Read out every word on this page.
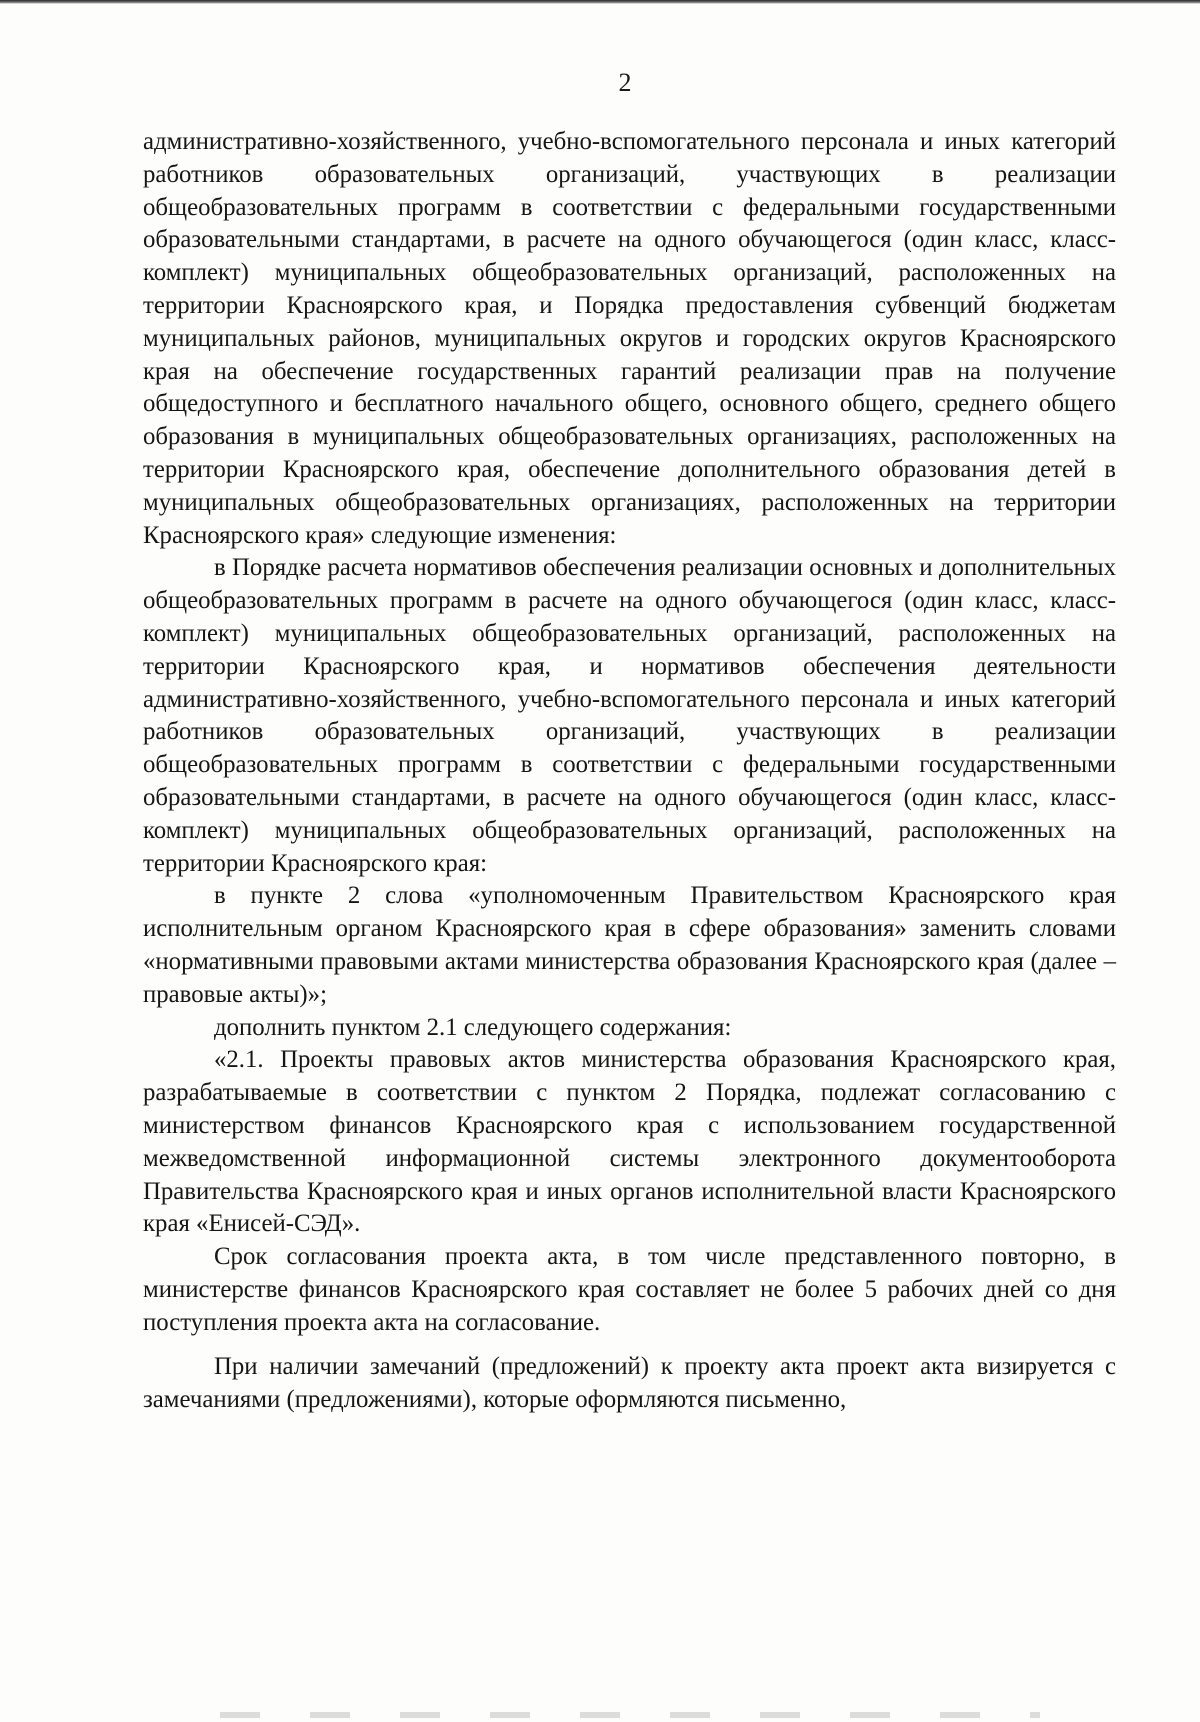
2

административно-хозяйственного, учебно-вспомогательного персонала и иных категорий работников образовательных организаций, участвующих в реализации общеобразовательных программ в соответствии с федеральными государственными образовательными стандартами, в расчете на одного обучающегося (один класс, класс-комплект) муниципальных общеобразовательных организаций, расположенных на территории Красноярского края, и Порядка предоставления субвенций бюджетам муниципальных районов, муниципальных округов и городских округов Красноярского края на обеспечение государственных гарантий реализации прав на получение общедоступного и бесплатного начального общего, основного общего, среднего общего образования в муниципальных общеобразовательных организациях, расположенных на территории Красноярского края, обеспечение дополнительного образования детей в муниципальных общеобразовательных организациях, расположенных на территории Красноярского края» следующие изменения:

в Порядке расчета нормативов обеспечения реализации основных и дополнительных общеобразовательных программ в расчете на одного обучающегося (один класс, класс-комплект) муниципальных общеобразовательных организаций, расположенных на территории Красноярского края, и нормативов обеспечения деятельности административно-хозяйственного, учебно-вспомогательного персонала и иных категорий работников образовательных организаций, участвующих в реализации общеобразовательных программ в соответствии с федеральными государственными образовательными стандартами, в расчете на одного обучающегося (один класс, класс-комплект) муниципальных общеобразовательных организаций, расположенных на территории Красноярского края:

в пункте 2 слова «уполномоченным Правительством Красноярского края исполнительным органом Красноярского края в сфере образования» заменить словами «нормативными правовыми актами министерства образования Красноярского края (далее – правовые акты)»;

дополнить пунктом 2.1 следующего содержания:

«2.1. Проекты правовых актов министерства образования Красноярского края, разрабатываемые в соответствии с пунктом 2 Порядка, подлежат согласованию с министерством финансов Красноярского края с использованием государственной межведомственной информационной системы электронного документооборота Правительства Красноярского края и иных органов исполнительной власти Красноярского края «Енисей-СЭД».

Срок согласования проекта акта, в том числе представленного повторно, в министерстве финансов Красноярского края составляет не более 5 рабочих дней со дня поступления проекта акта на согласование.

При наличии замечаний (предложений) к проекту акта проект акта визируется с замечаниями (предложениями), которые оформляются письменно,
